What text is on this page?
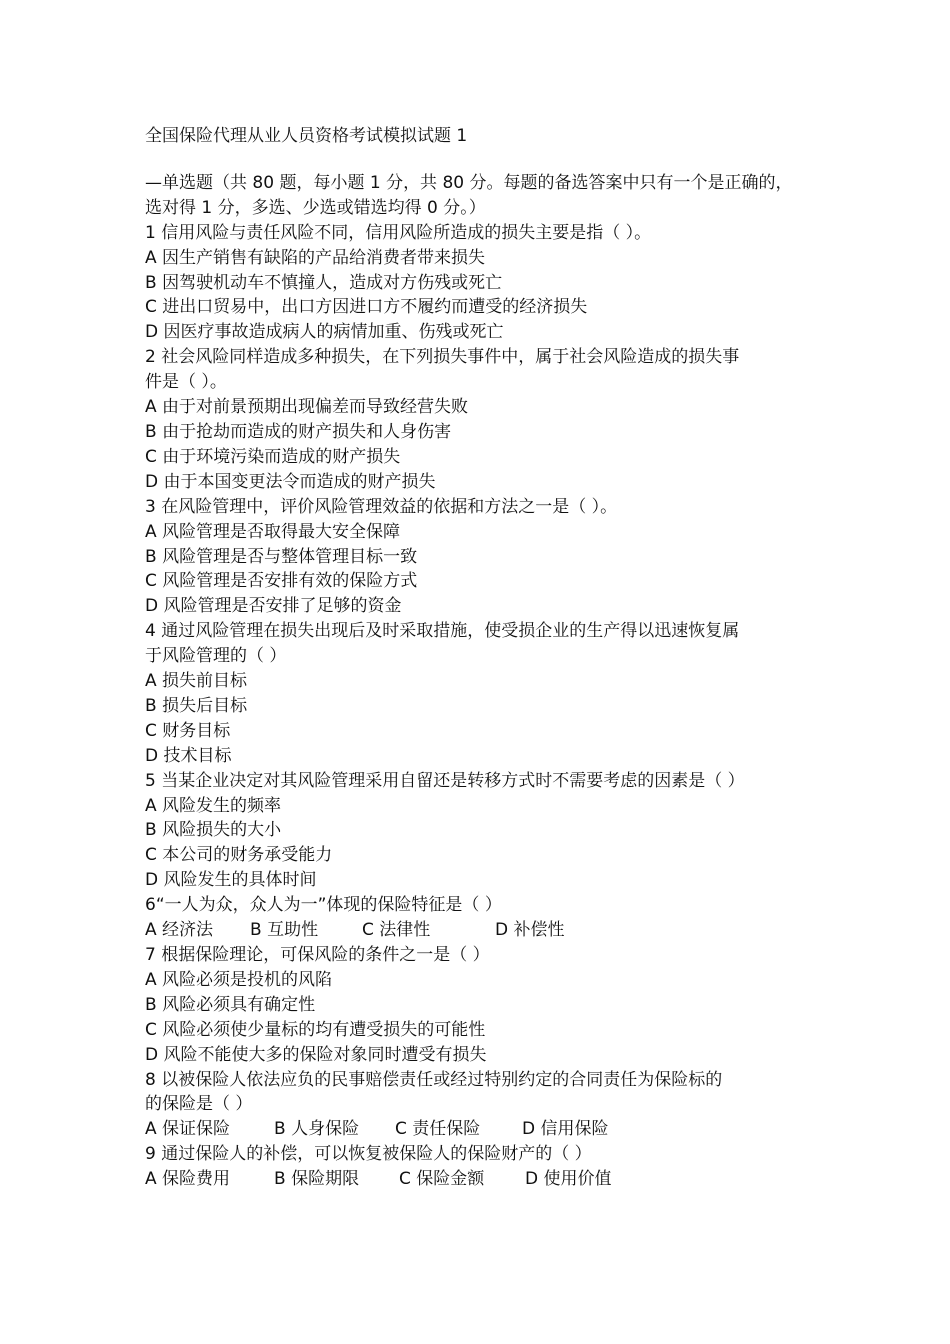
全国保险代理从业人员资格考试模拟试题 1
—单选题（共 80 题，每小题 1 分，共 80 分。每题的备选答案中只有一个是正确的，
选对得 1 分，多选、少选或错选均得 0 分。）
1 信用风险与责任风险不同，信用风险所造成的损失主要是指（ ）。
A 因生产销售有缺陷的产品给消费者带来损失
B 因驾驶机动车不慎撞人，造成对方伤残或死亡
C 进出口贸易中，出口方因进口方不履约而遭受的经济损失
D 因医疗事故造成病人的病情加重、伤残或死亡
2 社会风险同样造成多种损失，在下列损失事件中，属于社会风险造成的损失事
件是（ ）。
A 由于对前景预期出现偏差而导致经营失败
B 由于抢劫而造成的财产损失和人身伤害
C 由于环境污染而造成的财产损失
D 由于本国变更法令而造成的财产损失
3 在风险管理中，评价风险管理效益的依据和方法之一是（ ）。
A 风险管理是否取得最大安全保障
B 风险管理是否与整体管理目标一致
C 风险管理是否安排有效的保险方式
D 风险管理是否安排了足够的资金
4 通过风险管理在损失出现后及时采取措施，使受损企业的生产得以迅速恢复属
于风险管理的（ ）
A 损失前目标
B 损失后目标
C 财务目标
D 技术目标
5 当某企业决定对其风险管理采用自留还是转移方式时不需要考虑的因素是（ ）
A 风险发生的频率
B 风险损失的大小
C 本公司的财务承受能力
D 风险发生的具体时间
6“一人为众，众人为一”体现的保险特征是（ ）
A 经济法	B 互助性	C 法律性	D 补偿性
7 根据保险理论，可保风险的条件之一是（ ）
A 风险必须是投机的风陷
B 风险必须具有确定性
C 风险必须使少量标的均有遭受损失的可能性
D 风险不能使大多的保险对象同时遭受有损失
8 以被保险人依法应负的民事赔偿责任或经过特别约定的合同责任为保险标的
的保险是（ ）
A 保证保险	B 人身保险	C 责任保险	D 信用保险
9 通过保险人的补偿，可以恢复被保险人的保险财产的（ ）
A 保险费用	B 保险期限	C 保险金额	D 使用价值
